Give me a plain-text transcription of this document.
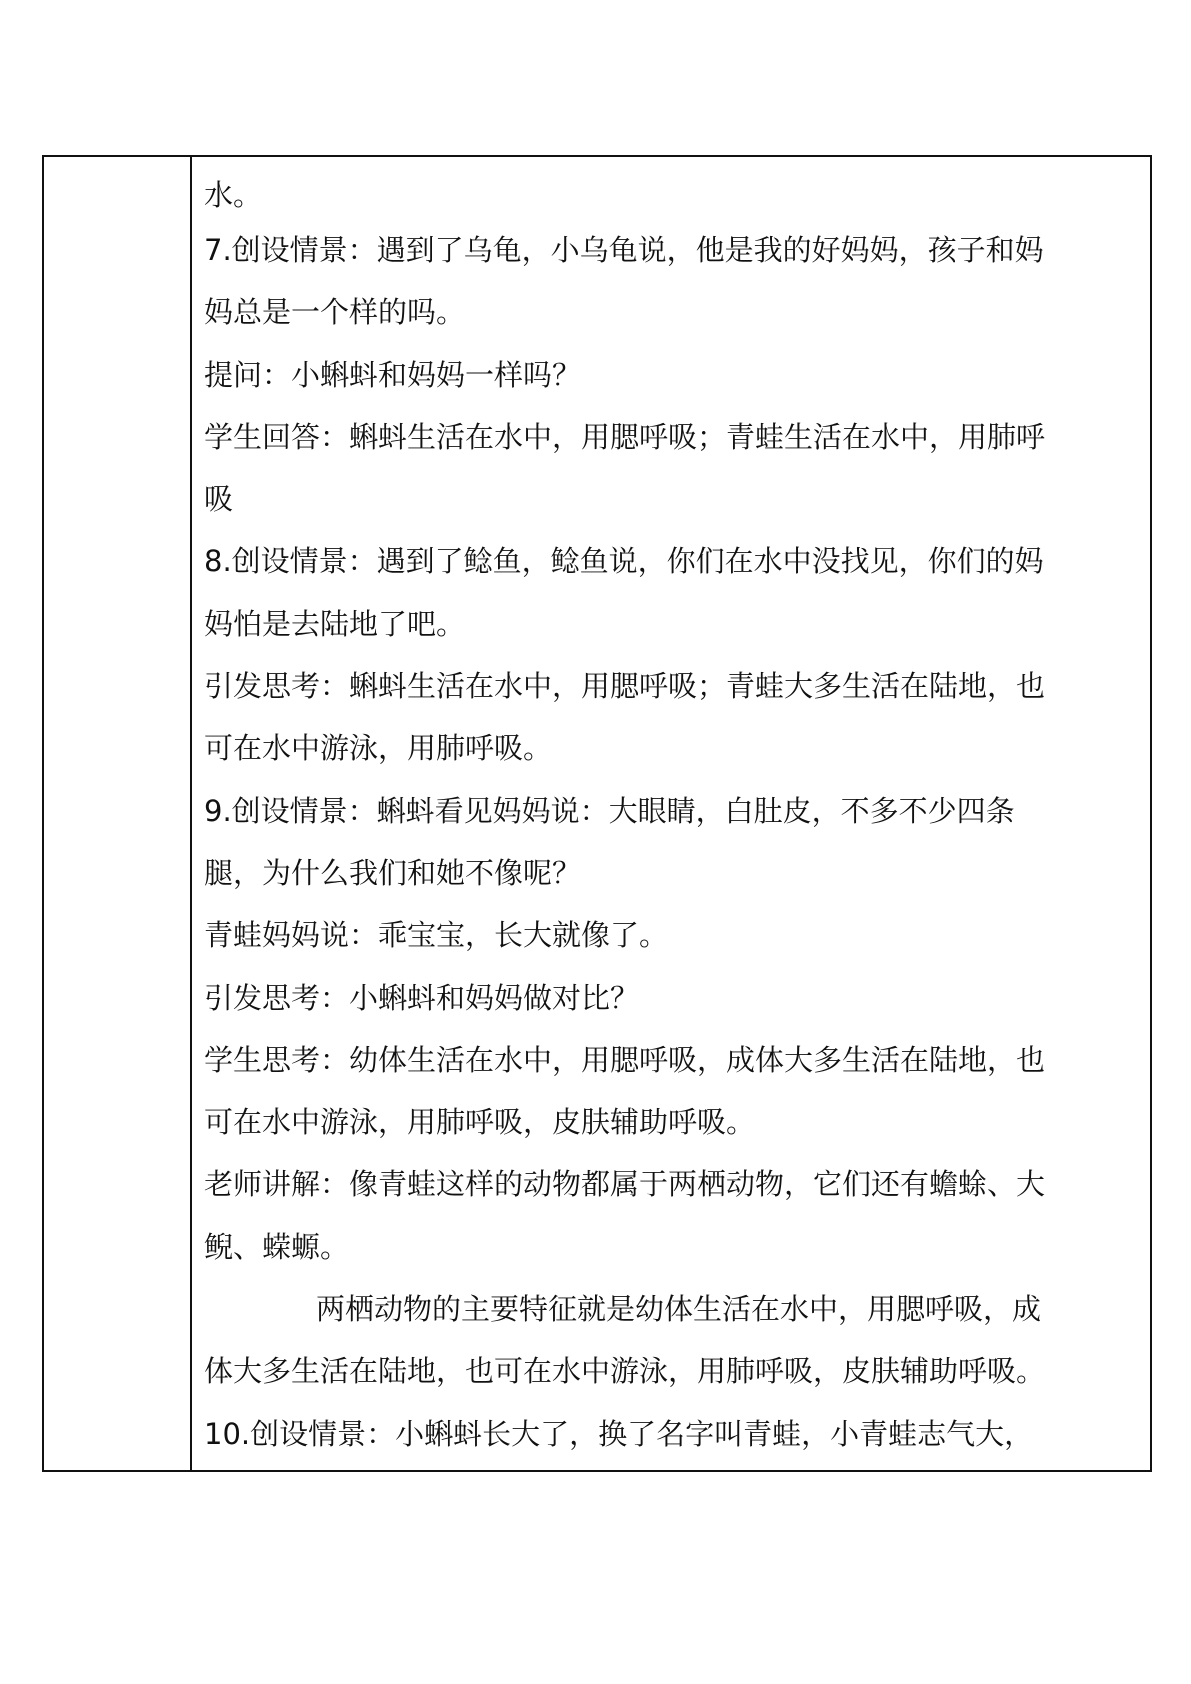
水。
7.创设情景：遇到了乌龟，小乌龟说，他是我的好妈妈，孩子和妈
妈总是一个样的吗。
提问：小蝌蚪和妈妈一样吗？
学生回答：蝌蚪生活在水中，用腮呼吸；青蛙生活在水中，用肺呼
吸
8.创设情景：遇到了鲶鱼，鲶鱼说，你们在水中没找见，你们的妈
妈怕是去陆地了吧。
引发思考：蝌蚪生活在水中，用腮呼吸；青蛙大多生活在陆地，也
可在水中游泳，用肺呼吸。
9.创设情景：蝌蚪看见妈妈说：大眼睛，白肚皮，不多不少四条
腿，为什么我们和她不像呢？
青蛙妈妈说：乖宝宝，长大就像了。
引发思考：小蝌蚪和妈妈做对比？
学生思考：幼体生活在水中，用腮呼吸，成体大多生活在陆地，也
可在水中游泳，用肺呼吸，皮肤辅助呼吸。
老师讲解：像青蛙这样的动物都属于两栖动物，它们还有蟾蜍、大
鲵、蝾螈。
两栖动物的主要特征就是幼体生活在水中，用腮呼吸，成
体大多生活在陆地，也可在水中游泳，用肺呼吸，皮肤辅助呼吸。
10.创设情景：小蝌蚪长大了，换了名字叫青蛙，小青蛙志气大，
